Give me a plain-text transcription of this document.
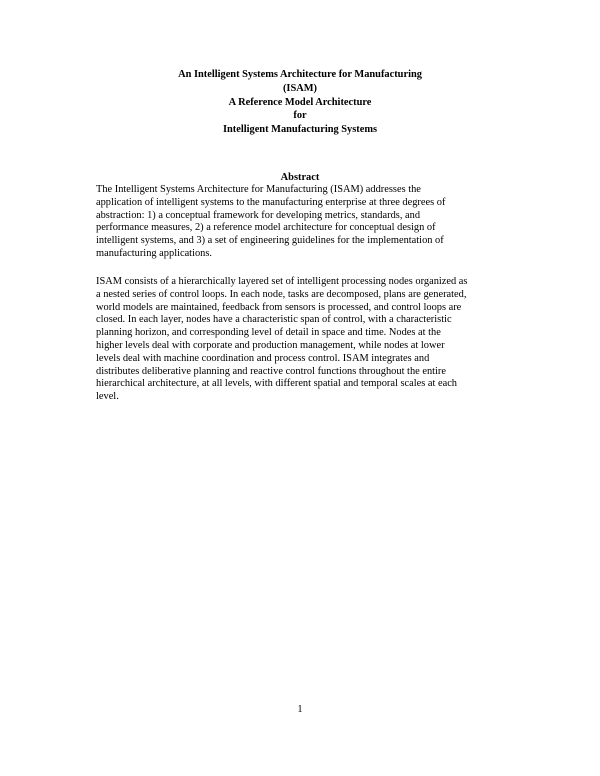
An Intelligent Systems Architecture for Manufacturing
(ISAM)
A Reference Model Architecture
for
Intelligent Manufacturing Systems
Abstract
The Intelligent Systems Architecture for Manufacturing (ISAM) addresses the
application of intelligent systems to the manufacturing enterprise at three degrees of
abstraction: 1) a conceptual framework for developing metrics, standards, and
performance measures, 2) a reference model architecture for conceptual design of
intelligent systems, and 3) a set of engineering guidelines for the implementation of
manufacturing applications.
ISAM consists of a hierarchically layered set of intelligent processing nodes organized as
a nested series of control loops. In each node, tasks are decomposed, plans are generated,
world models are maintained, feedback from sensors is processed, and control loops are
closed. In each layer, nodes have a characteristic span of control, with a characteristic
planning horizon, and corresponding level of detail in space and time. Nodes at the
higher levels deal with corporate and production management, while nodes at lower
levels deal with machine coordination and process control. ISAM integrates and
distributes deliberative planning and reactive control functions throughout the entire
hierarchical architecture, at all levels, with different spatial and temporal scales at each
level.
1
